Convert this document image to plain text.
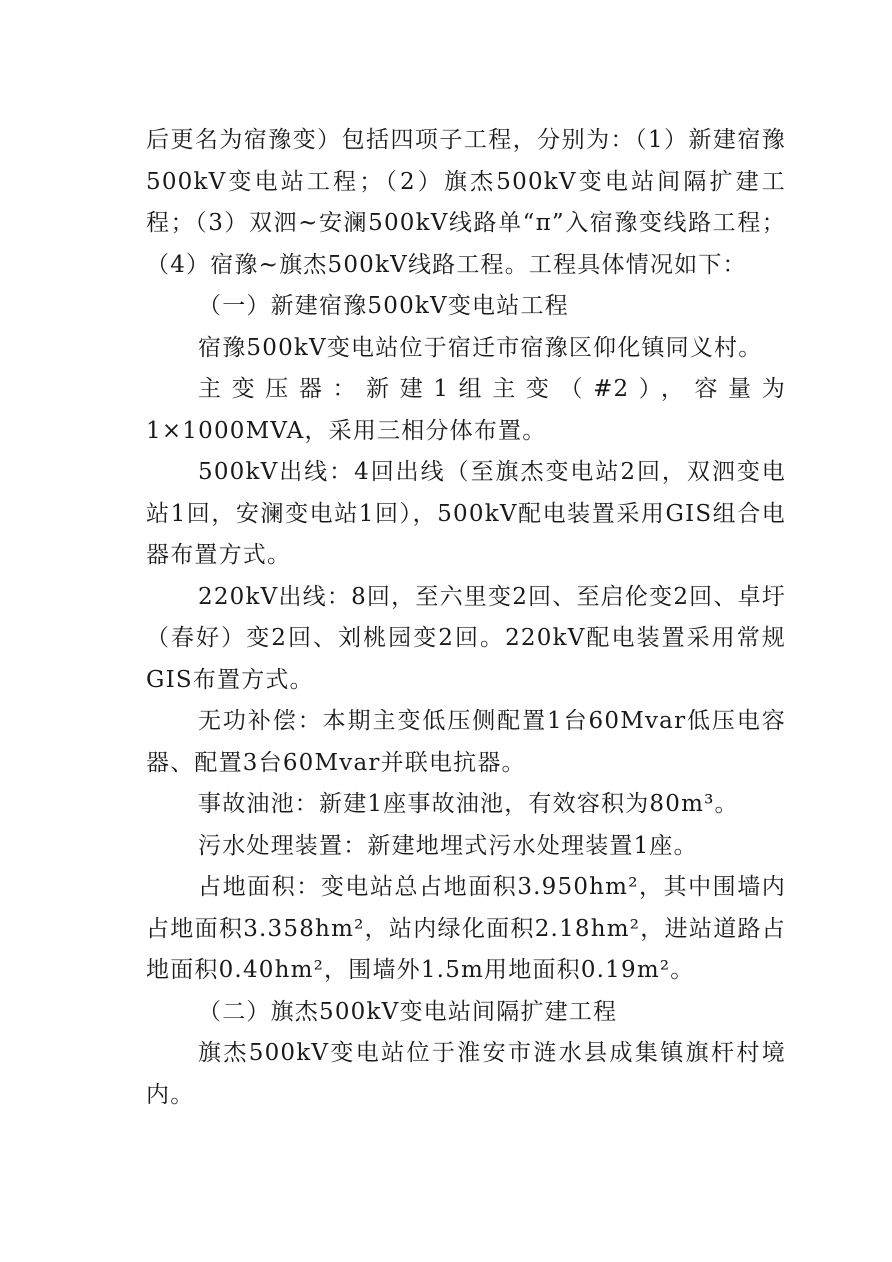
后更名为宿豫变）包括四项子工程，分别为：（1）新建宿豫500kV变电站工程；（2）旗杰500kV变电站间隔扩建工程；（3）双泗~安澜500kV线路单“π”入宿豫变线路工程；（4）宿豫~旗杰500kV线路工程。工程具体情况如下：

（一）新建宿豫500kV变电站工程

宿豫500kV变电站位于宿迁市宿豫区仰化镇同义村。

主变压器：新建1组主变（#2），容量为1×1000MVA，采用三相分体布置。

500kV出线：4回出线（至旗杰变电站2回，双泗变电站1回，安澜变电站1回），500kV配电装置采用GIS组合电器布置方式。

220kV出线：8回，至六里变2回、至启伦变2回、卓圩（春好）变2回、刘桃园变2回。220kV配电装置采用常规GIS布置方式。

无功补偿：本期主变低压侧配置1台60Mvar低压电容器、配置3台60Mvar并联电抗器。

事故油池：新建1座事故油池，有效容积为80m³。

污水处理装置：新建地埋式污水处理装置1座。

占地面积：变电站总占地面积3.950hm²，其中围墙内占地面积3.358hm²，站内绿化面积2.18hm²，进站道路占地面积0.40hm²，围墙外1.5m用地面积0.19m²。

（二）旗杰500kV变电站间隔扩建工程

旗杰500kV变电站位于淮安市涟水县成集镇旗杆村境内。
